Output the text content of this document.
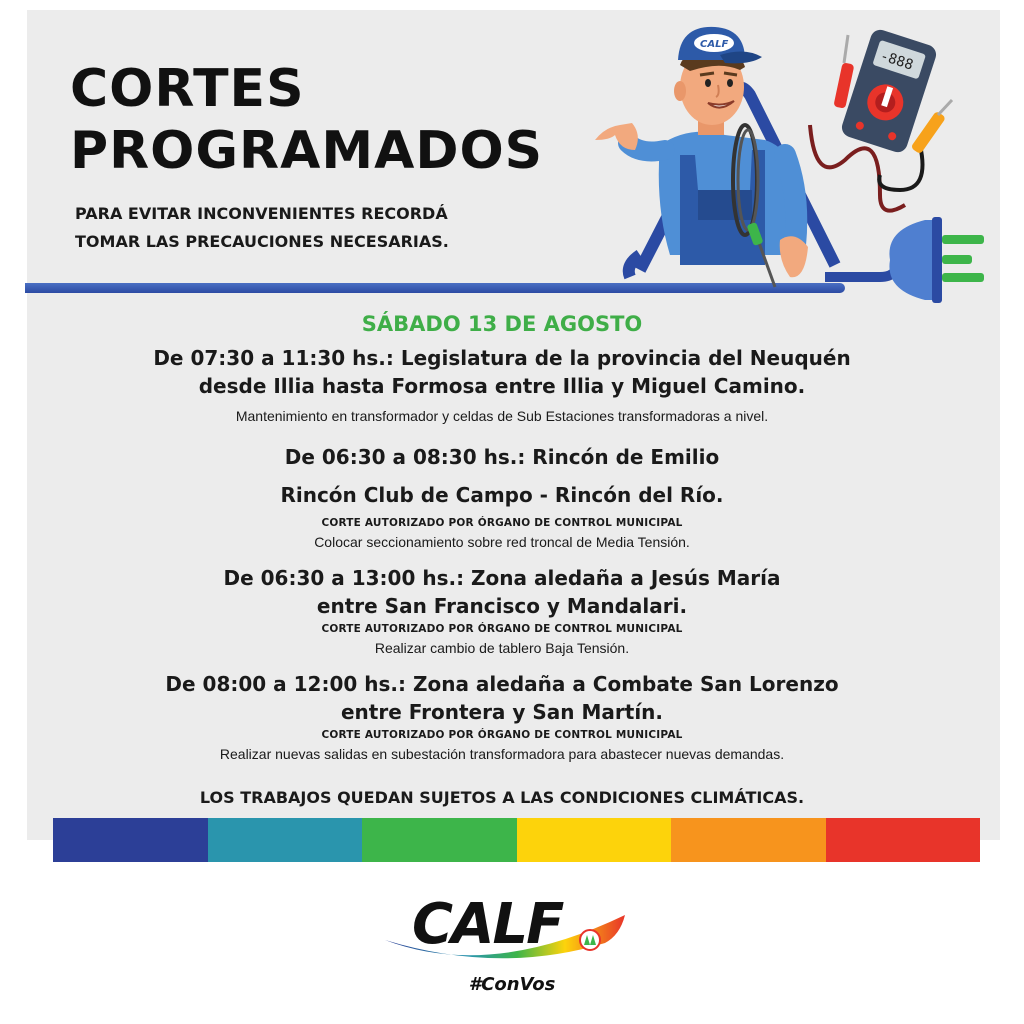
CORTES
PROGRAMADOS
PARA EVITAR INCONVENIENTES RECORDÁ
TOMAR LAS PRECAUCIONES NECESARIAS.
-888
CALF
SÁBADO 13 DE AGOSTO
De 07:30 a 11:30 hs.: Legislatura de la provincia del Neuquén
desde Illia hasta Formosa entre Illia y Miguel Camino.
Mantenimiento en transformador y celdas de Sub Estaciones transformadoras a nivel.
De 06:30 a 08:30 hs.: Rincón de Emilio
Rincón Club de Campo - Rincón del Río.
CORTE AUTORIZADO POR ÓRGANO DE CONTROL MUNICIPAL
Colocar seccionamiento sobre red troncal de Media Tensión.
De 06:30 a 13:00 hs.: Zona aledaña a Jesús María
entre San Francisco y Mandalari.
CORTE AUTORIZADO POR ÓRGANO DE CONTROL MUNICIPAL
Realizar cambio de tablero Baja Tensión.
De 08:00 a 12:00 hs.: Zona aledaña a Combate San Lorenzo
entre Frontera y San Martín.
CORTE AUTORIZADO POR ÓRGANO DE CONTROL MUNICIPAL
Realizar nuevas salidas en subestación transformadora para abastecer nuevas demandas.
LOS TRABAJOS QUEDAN SUJETOS A LAS CONDICIONES CLIMÁTICAS.
CALF
#ConVos
